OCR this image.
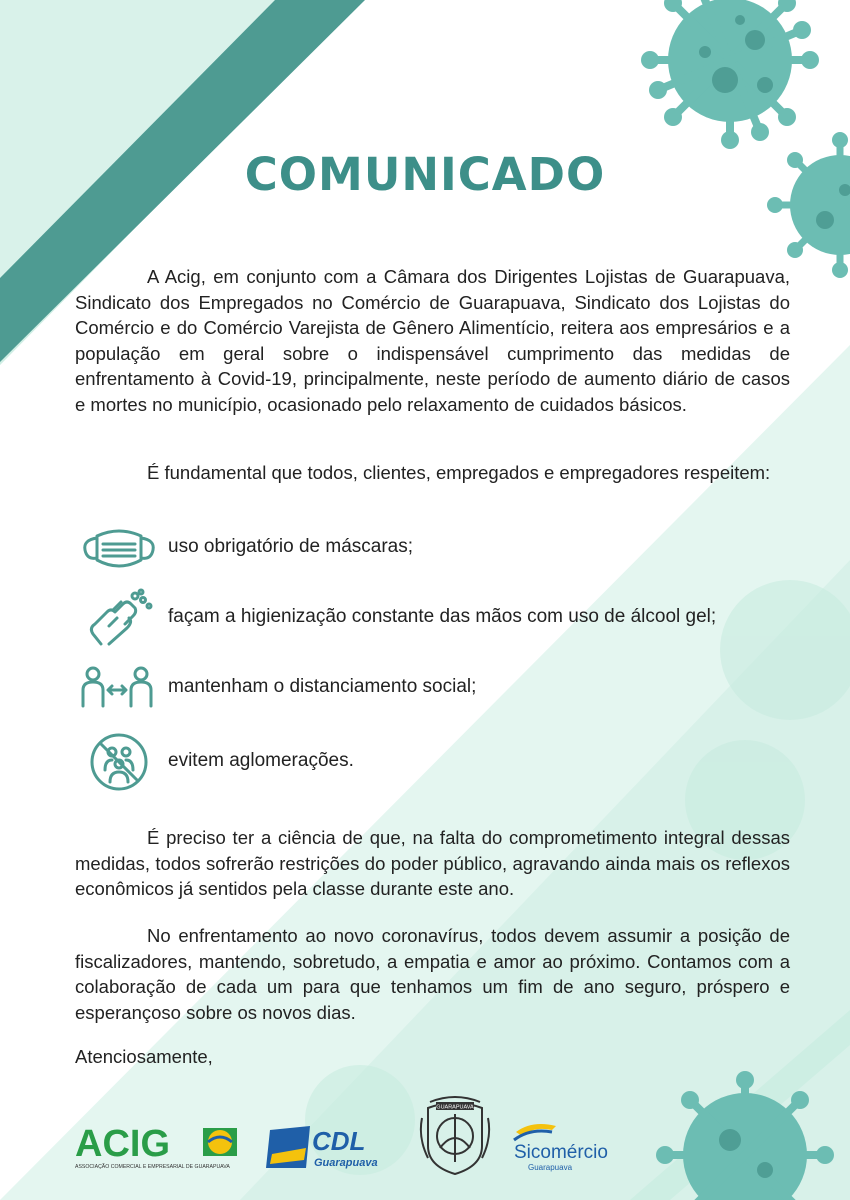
COMUNICADO

A Acig, em conjunto com a Câmara dos Dirigentes Lojistas de Guarapuava, Sindicato dos Empregados no Comércio de Guarapuava, Sindicato dos Lojistas do Comércio e do Comércio Varejista de Gênero Alimentício, reitera aos empresários e a população em geral sobre o indispensável cumprimento das medidas de enfrentamento à Covid-19, principalmente, neste período de aumento diário de casos e mortes no município, ocasionado pelo relaxamento de cuidados básicos.

É fundamental que todos, clientes, empregados e empregadores respeitem:

uso obrigatório de máscaras;
façam a higienização constante das mãos com uso de álcool gel;
mantenham o distanciamento social;
evitem aglomerações.

É preciso ter a ciência de que, na falta do comprometimento integral dessas medidas, todos sofrerão restrições do poder público, agravando ainda mais os reflexos econômicos já sentidos pela classe durante este ano.

No enfrentamento ao novo coronavírus, todos devem assumir a posição de fiscalizadores, mantendo, sobretudo, a empatia e amor ao próximo. Contamos com a colaboração de cada um para que tenhamos um fim de ano seguro, próspero e esperançoso sobre os novos dias.

Atenciosamente,

ACIG
ASSOCIAÇÃO COMERCIAL E EMPRESARIAL DE GUARAPUAVA
CDL
Guarapuava
GUARAPUAVA
Sicomércio
Guarapuava
